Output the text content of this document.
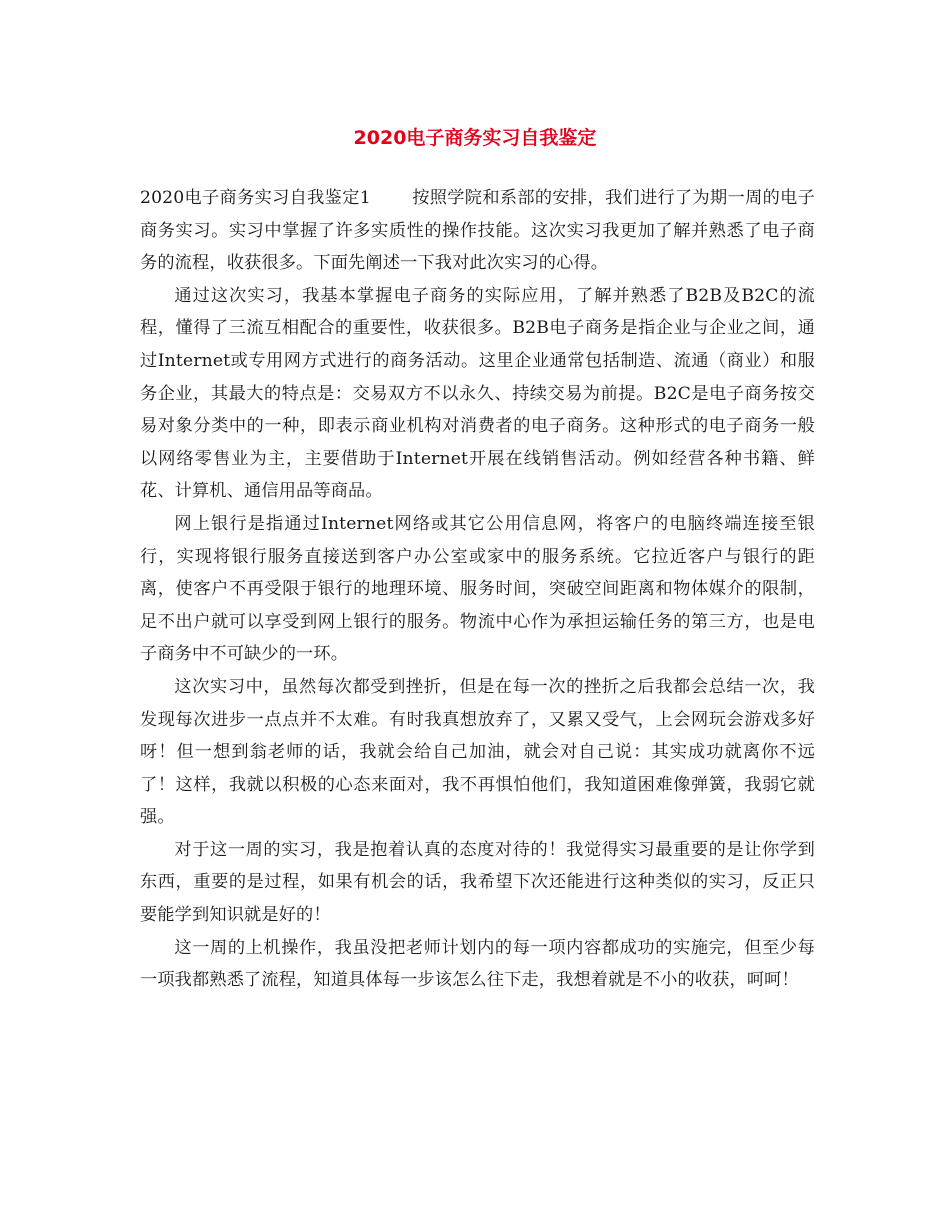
2020电子商务实习自我鉴定

2020电子商务实习自我鉴定1 按照学院和系部的安排，我们进行了为期一周的电子商务实习。实习中掌握了许多实质性的操作技能。这次实习我更加了解并熟悉了电子商务的流程，收获很多。下面先阐述一下我对此次实习的心得。

通过这次实习，我基本掌握电子商务的实际应用，了解并熟悉了B2B及B2C的流程，懂得了三流互相配合的重要性，收获很多。B2B电子商务是指企业与企业之间，通过Internet或专用网方式进行的商务活动。这里企业通常包括制造、流通（商业）和服务企业，其最大的特点是：交易双方不以永久、持续交易为前提。B2C是电子商务按交易对象分类中的一种，即表示商业机构对消费者的电子商务。这种形式的电子商务一般以网络零售业为主，主要借助于Internet开展在线销售活动。例如经营各种书籍、鲜花、计算机、通信用品等商品。

网上银行是指通过Internet网络或其它公用信息网，将客户的电脑终端连接至银行，实现将银行服务直接送到客户办公室或家中的服务系统。它拉近客户与银行的距离，使客户不再受限于银行的地理环境、服务时间，突破空间距离和物体媒介的限制，足不出户就可以享受到网上银行的服务。物流中心作为承担运输任务的第三方，也是电子商务中不可缺少的一环。

这次实习中，虽然每次都受到挫折，但是在每一次的挫折之后我都会总结一次，我发现每次进步一点点并不太难。有时我真想放弃了，又累又受气，上会网玩会游戏多好呀！但一想到翁老师的话，我就会给自己加油，就会对自己说：其实成功就离你不远了！这样，我就以积极的心态来面对，我不再惧怕他们，我知道困难像弹簧，我弱它就强。

对于这一周的实习，我是抱着认真的态度对待的！我觉得实习最重要的是让你学到东西，重要的是过程，如果有机会的话，我希望下次还能进行这种类似的实习，反正只要能学到知识就是好的！

这一周的上机操作，我虽没把老师计划内的每一项内容都成功的实施完，但至少每一项我都熟悉了流程，知道具体每一步该怎么往下走，我想着就是不小的收获，呵呵！
